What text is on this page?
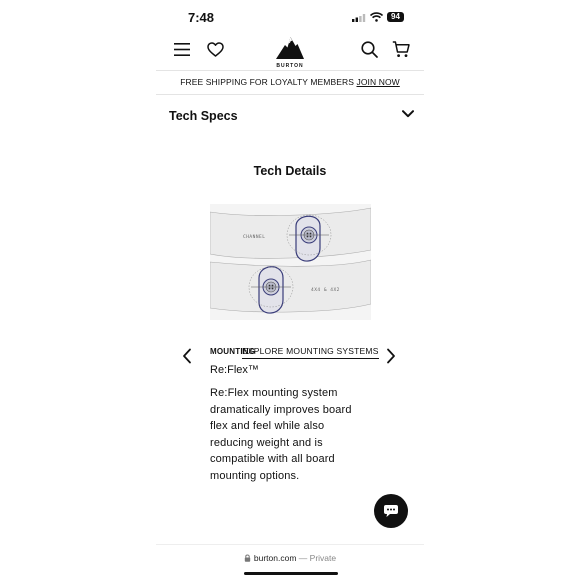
7:48	94
BURTON
FREE SHIPPING FOR LOYALTY MEMBERS JOIN NOW
Tech Specs
Tech Details
CHANNEL
4X4 & 4X2
MOUNTING
EXPLORE MOUNTING SYSTEMS
Re:Flex™
Re:Flex mounting system dramatically improves board flex and feel while also reducing weight and is compatible with all board mounting options.
burton.com — Private
